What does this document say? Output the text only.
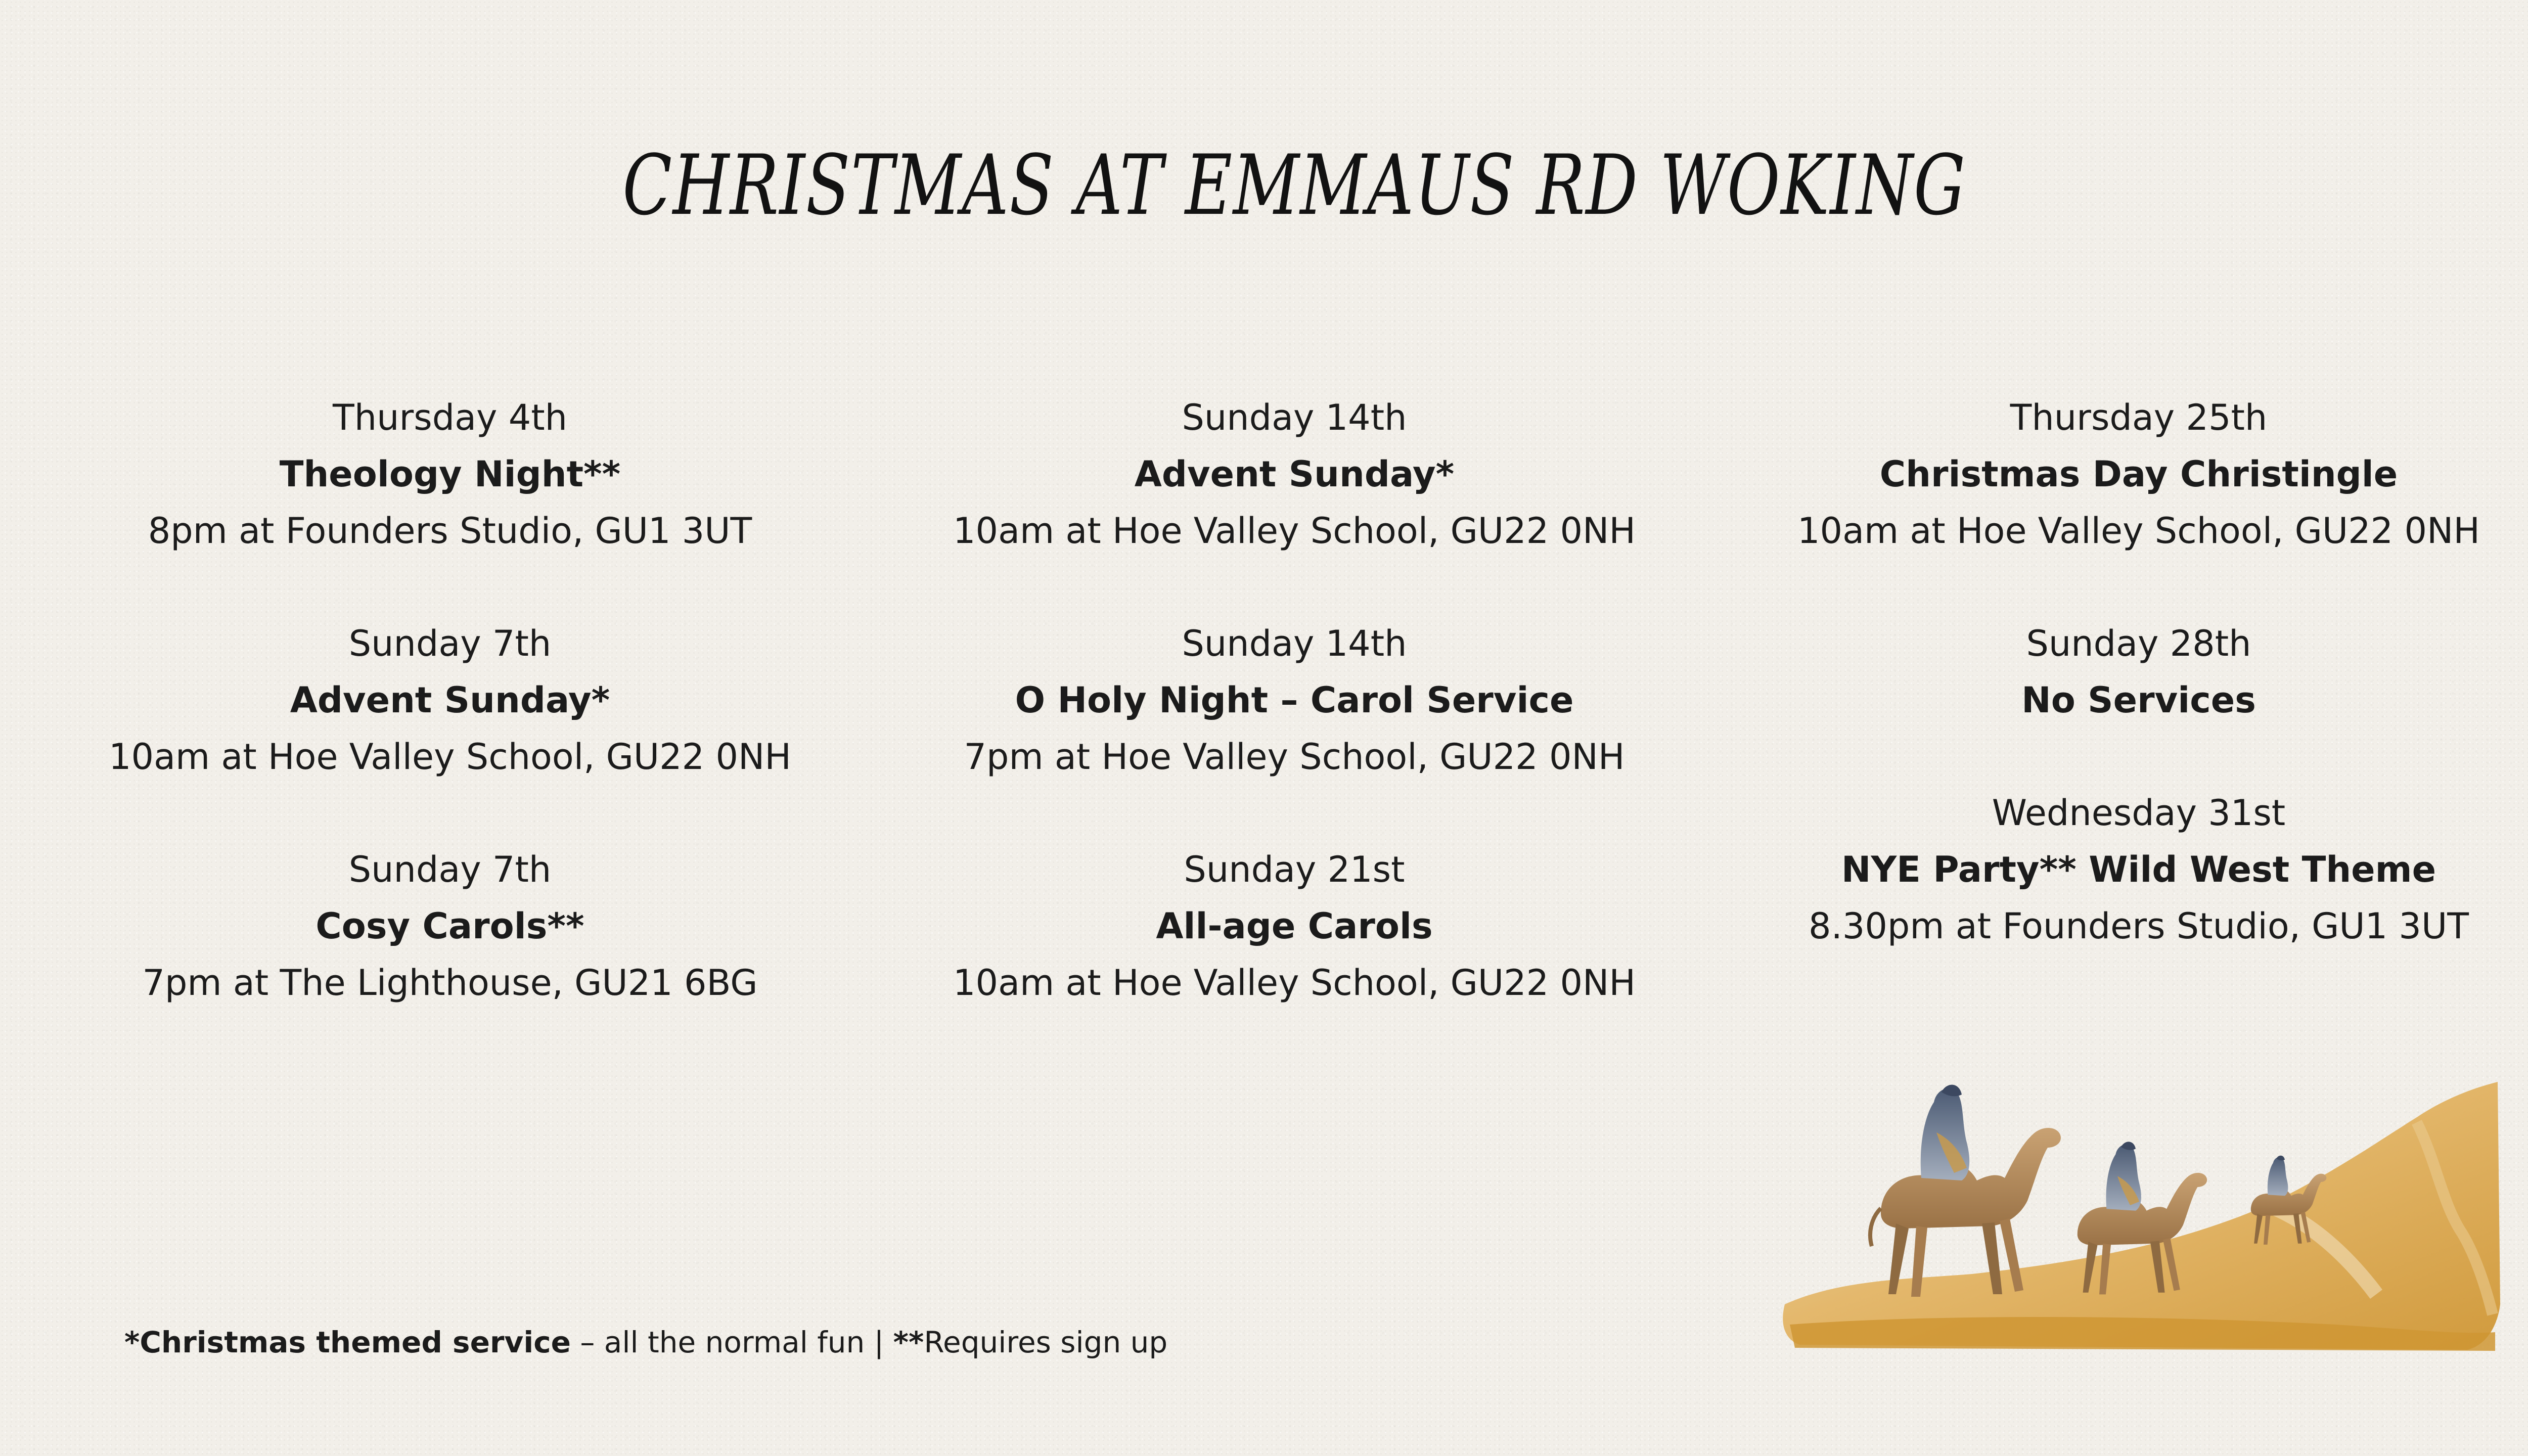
CHRISTMAS AT EMMAUS RD WOKING
Thursday 4th
Theology Night**
8pm at Founders Studio, GU1 3UT
Sunday 7th
Advent Sunday*
10am at Hoe Valley School, GU22 0NH
Sunday 7th
Cosy Carols**
7pm at The Lighthouse, GU21 6BG
Sunday 14th
Advent Sunday*
10am at Hoe Valley School, GU22 0NH
Sunday 14th
O Holy Night – Carol Service
7pm at Hoe Valley School, GU22 0NH
Sunday 21st
All-age Carols
10am at Hoe Valley School, GU22 0NH
Thursday 25th
Christmas Day Christingle
10am at Hoe Valley School, GU22 0NH
Sunday 28th
No Services
Wednesday 31st
NYE Party** Wild West Theme
8.30pm at Founders Studio, GU1 3UT
*Christmas themed service – all the normal fun | **Requires sign up
